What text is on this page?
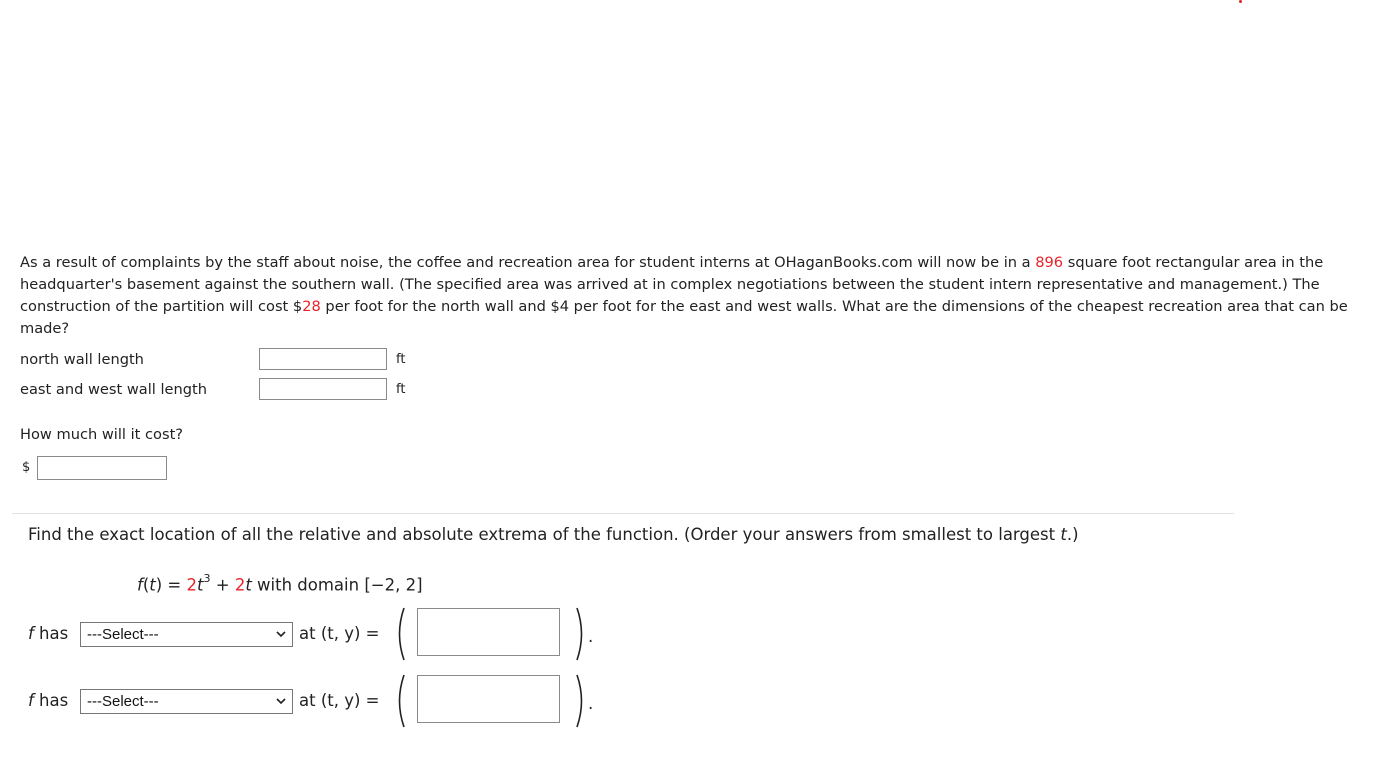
As a result of complaints by the staff about noise, the coffee and recreation area for student interns at OHaganBooks.com will now be in a 896 square foot rectangular area in the headquarter's basement against the southern wall. (The specified area was arrived at in complex negotiations between the student intern representative and management.) The construction of the partition will cost $28 per foot for the north wall and $4 per foot for the east and west walls. What are the dimensions of the cheapest recreation area that can be made?
north wall length	ft
east and west wall length	ft
How much will it cost?
$
Find the exact location of all the relative and absolute extrema of the function. (Order your answers from smallest to largest t.)
$f(t) = 2t^3 + 2t$ with domain [−2, 2]
f has	---Select---	at (t, y) =	.
f has	---Select---	at (t, y) =	.
